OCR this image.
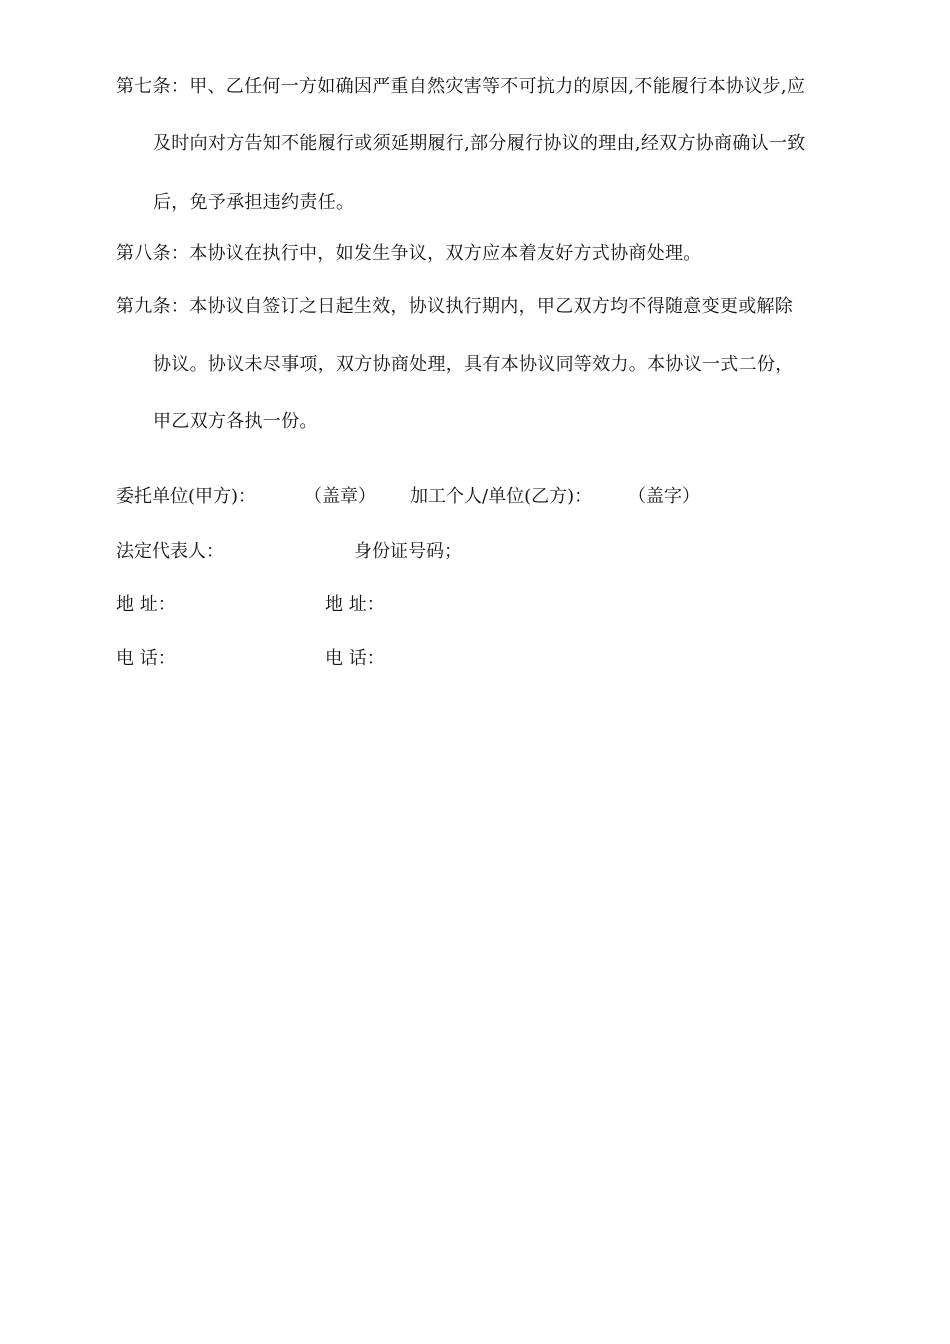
第七条：甲、乙任何一方如确因严重自然灾害等不可抗力的原因,不能履行本协议步,应
及时向对方告知不能履行或须延期履行,部分履行协议的理由,经双方协商确认一致
后，免予承担违约责任。
第八条：本协议在执行中，如发生争议，双方应本着友好方式协商处理。
第九条：本协议自签订之日起生效，协议执行期内，甲乙双方均不得随意变更或解除
协议。协议未尽事项，双方协商处理，具有本协议同等效力。本协议一式二份，
甲乙双方各执一份。
委托单位(甲方)：	（盖章） 加工个人/单位(乙方)： （盖字）
法定代表人：	身份证号码；
地 址：	地 址：
电 话：	电 话：
